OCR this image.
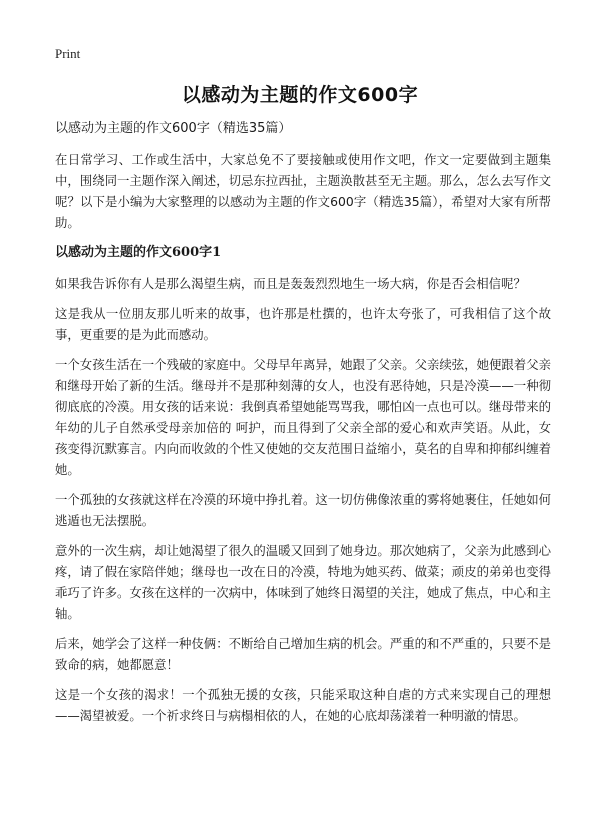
Print
以感动为主题的作文600字

以感动为主题的作文600字（精选35篇）

在日常学习、工作或生活中，大家总免不了要接触或使用作文吧，作文一定要做到主题集中，围绕同一主题作深入阐述，切忌东拉西扯，主题涣散甚至无主题。那么，怎么去写作文呢？以下是小编为大家整理的以感动为主题的作文600字（精选35篇），希望对大家有所帮助。

以感动为主题的作文600字1

如果我告诉你有人是那么渴望生病，而且是轰轰烈烈地生一场大病，你是否会相信呢？

这是我从一位朋友那儿听来的故事，也许那是杜撰的，也许太夸张了，可我相信了这个故事，更重要的是为此而感动。

一个女孩生活在一个残破的家庭中。父母早年离异，她跟了父亲。父亲续弦，她便跟着父亲和继母开始了新的生活。继母并不是那种刻薄的女人，也没有恶待她，只是冷漠——一种彻彻底底的冷漠。用女孩的话来说：我倒真希望她能骂骂我，哪怕凶一点也可以。继母带来的年幼的儿子自然承受母亲加倍的 呵护，而且得到了父亲全部的爱心和欢声笑语。从此，女孩变得沉默寡言。内向而收敛的个性又使她的交友范围日益缩小，莫名的自卑和抑郁纠缠着她。

一个孤独的女孩就这样在冷漠的环境中挣扎着。这一切仿佛像浓重的雾将她裹住，任她如何逃遁也无法摆脱。

意外的一次生病，却让她渴望了很久的温暖又回到了她身边。那次她病了，父亲为此感到心疼，请了假在家陪伴她；继母也一改在日的冷漠，特地为她买药、做菜；顽皮的弟弟也变得乖巧了许多。女孩在这样的一次病中，体味到了她终日渴望的关注，她成了焦点，中心和主轴。

后来，她学会了这样一种伎俩：不断给自己增加生病的机会。严重的和不严重的，只要不是致命的病，她都愿意！

这是一个女孩的渴求！一个孤独无援的女孩，只能采取这种自虐的方式来实现自己的理想——渴望被爱。一个祈求终日与病榻相依的人，在她的心底却荡漾着一种明澈的情思。
